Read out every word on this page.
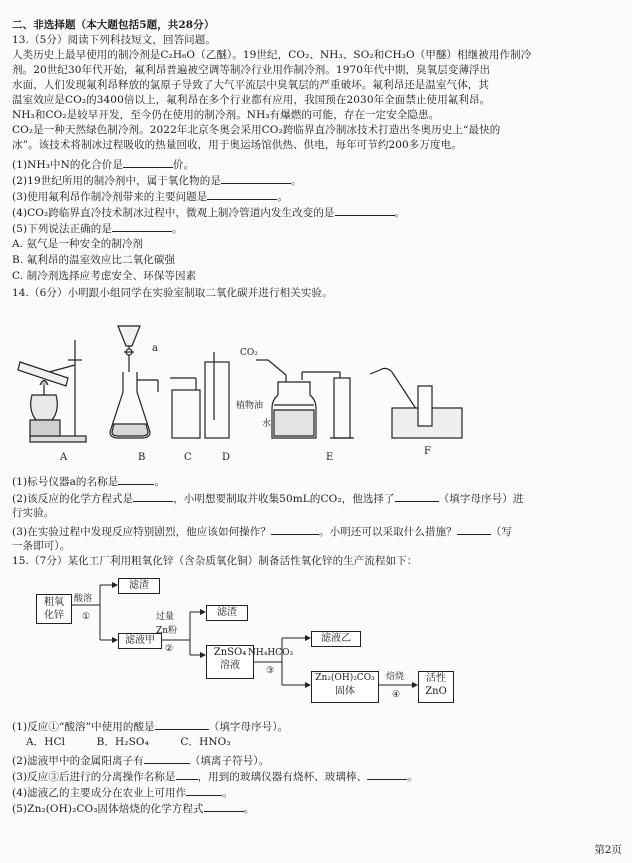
二、非选择题（本大题包括5题，共28分）
13.（5分）阅读下列科技短文，回答问题。
人类历史上最早使用的制冷剂是C₂H₆O（乙醚）。19世纪，CO₂、NH₃、SO₂和CH₃O（甲醚）相继被用作制冷
剂。20世纪30年代开始，氟利昂普遍被空调等制冷行业用作制冷剂。1970年代中期，臭氧层变薄浮出
水面，人们发现氟利昂释放的氯原子导致了大气平流层中臭氧层的严重破坏。氟利昂还是温室气体，其
温室效应是CO₂的3400倍以上，氟利昂在多个行业都有应用，我国预在2030年全面禁止使用氟利昂。
NH₃和CO₂是较早开发，至今仍在使用的制冷剂。NH₃有爆燃的可能，存在一定安全隐患。
CO₂是一种天然绿色制冷剂。2022年北京冬奥会采用CO₂跨临界直冷制冰技术打造出冬奥历史上“最快的
冰”。该技术将制冰过程吸收的热量回收，用于奥运场馆供热、供电，每年可节约200多万度电。
(1)NH₃中N的化合价是	价。
(2)19世纪所用的制冷剂中，属于氧化物的是	。
(3)使用氟利昂作制冷剂带来的主要问题是	。
(4)CO₂跨临界直冷技术制冰过程中，微观上制冷管道内发生改变的是	。
(5)下列说法正确的是	。
A. 氨气是一种安全的制冷剂
B. 氟利昂的温室效应比二氧化碳强
C. 制冷剂选择应考虑安全、环保等因素
14.（6分）小明跟小组同学在实验室制取二氧化碳并进行相关实验。
a	CO₂
植物油
水
A	B	C	D	E
F
(1)标号仪器a的名称是	。
(2)该反应的化学方程式是	，小明想要制取并收集50mL的CO₂，他选择了	（填字母序号）进
行实验。
(3)在实验过程中发现反应特别剧烈，他应该如何操作？	。小明还可以采取什么措施？	（写
一条即可）。
15.（7分）某化工厂利用粗氧化锌（含杂质氧化铜）制备活性氧化锌的生产流程如下：
粗氧化锌
酸溶
①
滤渣
滤液甲
过量
Zn粉
②
滤渣
ZnSO₄
溶液
NH₄HCO₃
③
滤液乙
Zn₂(OH)₂CO₃
固体
焙烧
④
活性
ZnO
(1)反应①“酸溶”中使用的酸是	（填字母序号）。
A．HCl	B．H₂SO₄	C．HNO₃
(2)滤液甲中的金属阳离子有	（填离子符号）。
(3)反应③后进行的分离操作名称是 ，用到的玻璃仪器有烧杯、玻璃棒、	。
(4)滤液乙的主要成分在农业上可用作	。
(5)Zn₂(OH)₂CO₃固体焙烧的化学方程式	。
第2页
